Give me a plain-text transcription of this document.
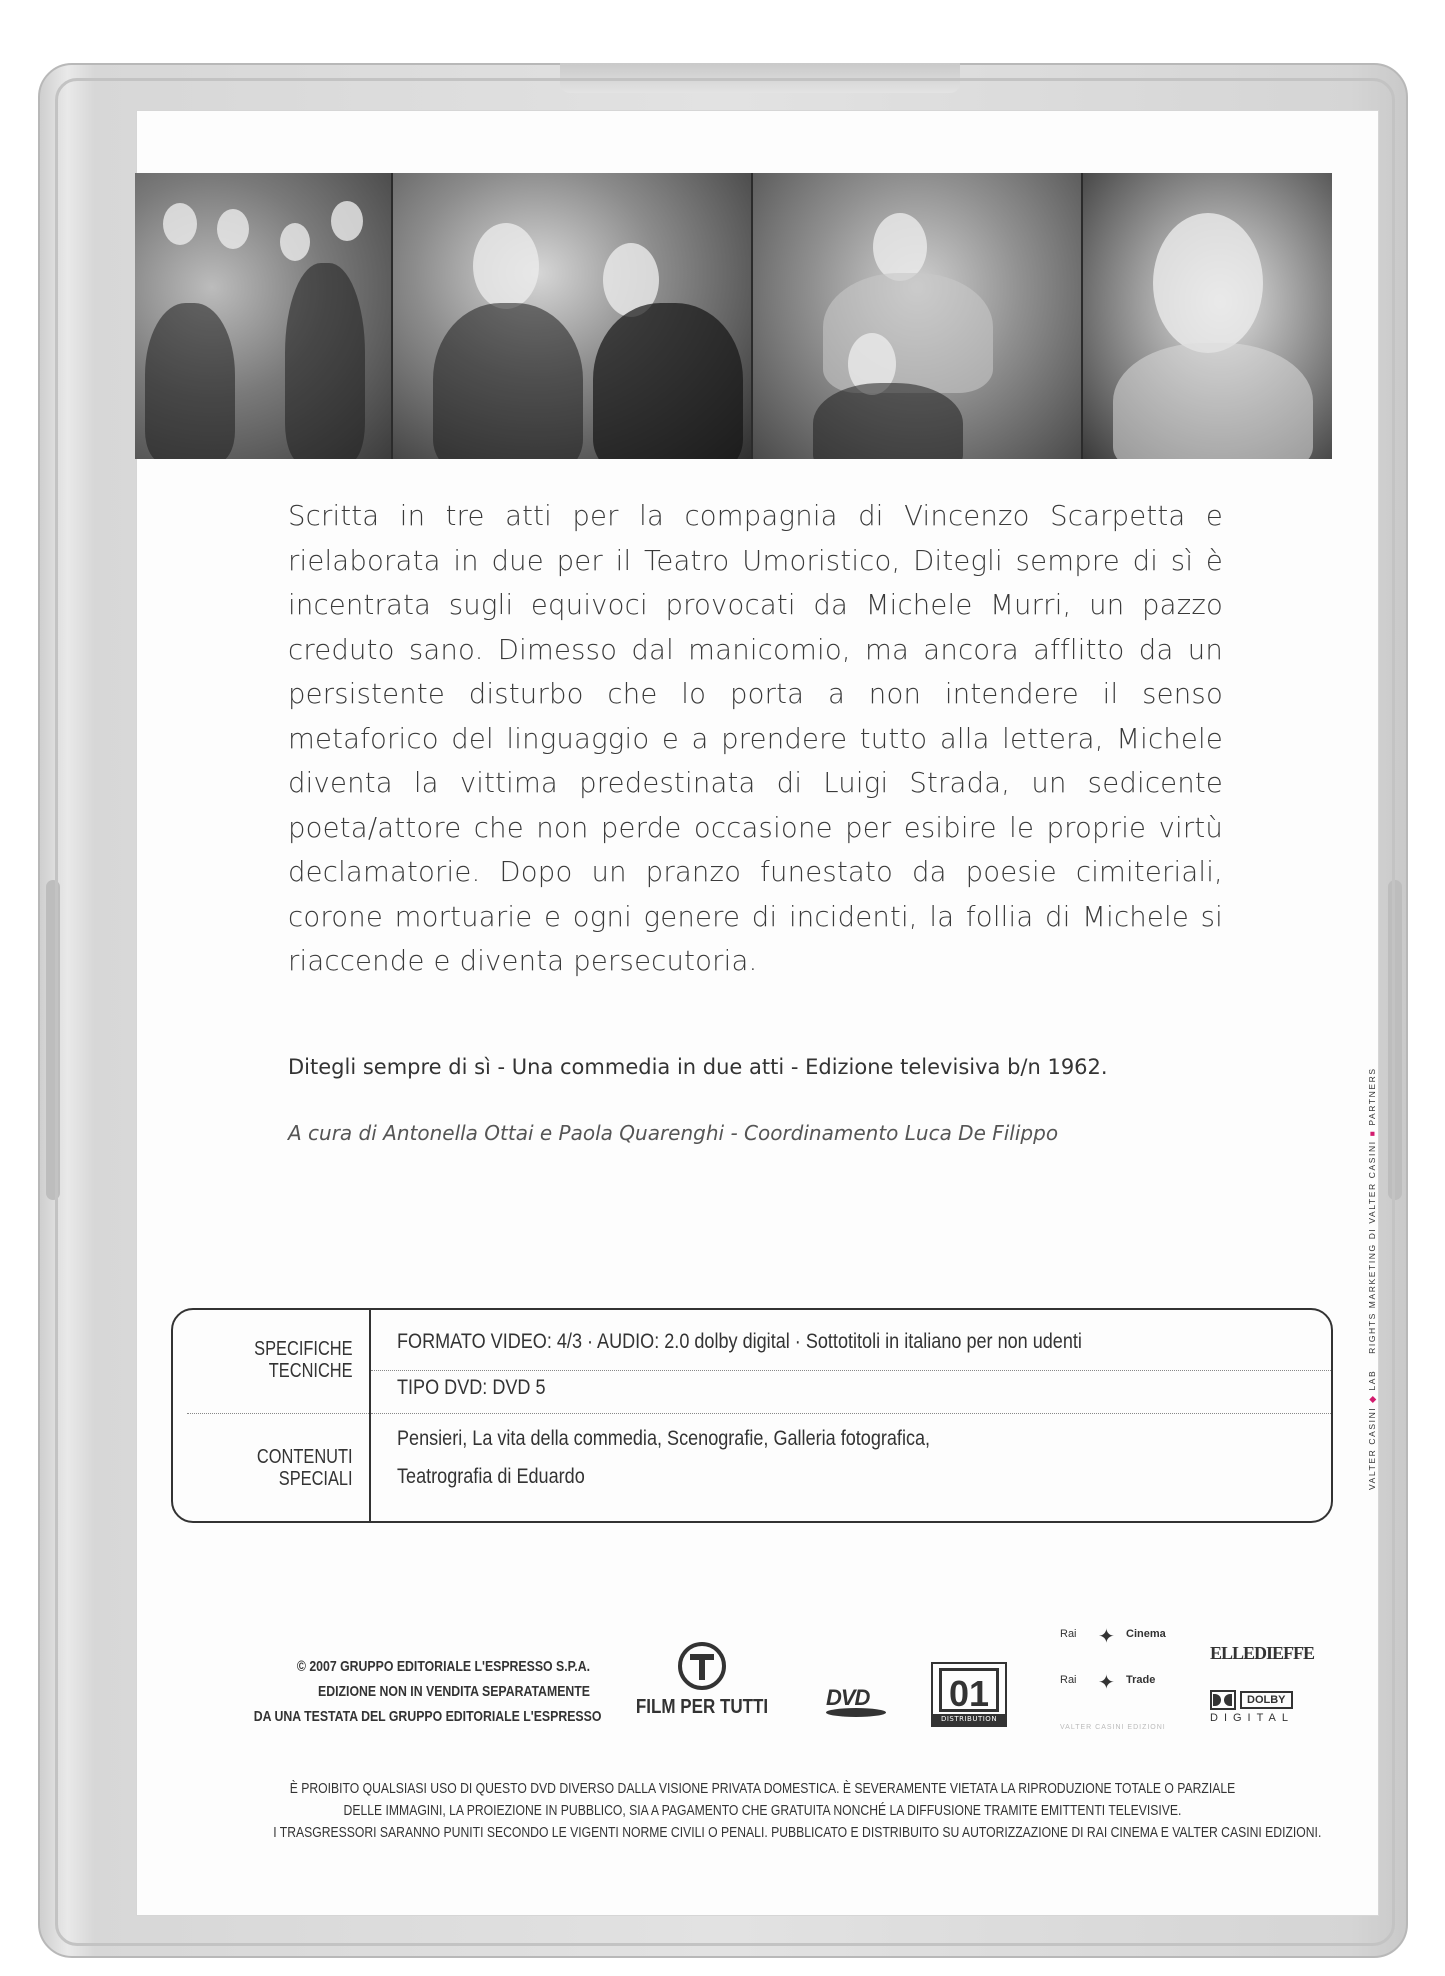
Scritta in tre atti per la compagnia di Vincenzo Scarpetta e rielaborata in due per il Teatro Umoristico, Ditegli sempre di sì è incentrata sugli equivoci provocati da Michele Murri, un pazzo creduto sano. Dimesso dal manicomio, ma ancora afflitto da un persistente disturbo che lo porta a non intendere il senso metaforico del linguaggio e a prendere tutto alla lettera, Michele diventa la vittima predestinata di Luigi Strada, un sedicente poeta/attore che non perde occasione per esibire le proprie virtù declamatorie. Dopo un pranzo funestato da poesie cimiteriali, corone mortuarie e ogni genere di incidenti, la follia di Michele si riaccende e diventa persecutoria.
Ditegli sempre di sì - Una commedia in due atti - Edizione televisiva b/n 1962.
A cura di Antonella Ottai e Paola Quarenghi - Coordinamento Luca De Filippo
SPECIFICHE
TECNICHE
FORMATO VIDEO: 4/3 · AUDIO: 2.0 dolby digital · Sottotitoli in italiano per non udenti
TIPO DVD: DVD 5
CONTENUTI
SPECIALI
Pensieri, La vita della commedia, Scenografie, Galleria fotografica,
Teatrografia di Eduardo
© 2007 GRUPPO EDITORIALE L'ESPRESSO S.P.A.
EDIZIONE NON IN VENDITA SEPARATAMENTE
DA UNA TESTATA DEL GRUPPO EDITORIALE L'ESPRESSO FILM PER TUTTI	DVD	01
DISTRIBUTION
Rai ✦ Cinema
Rai ✦ Trade
VALTER CASINI EDIZIONI
ELLEDIEFFE
DOLBY
DIGITAL
È PROIBITO QUALSIASI USO DI QUESTO DVD DIVERSO DALLA VISIONE PRIVATA DOMESTICA. È SEVERAMENTE VIETATA LA RIPRODUZIONE TOTALE O PARZIALE
DELLE IMMAGINI, LA PROIEZIONE IN PUBBLICO, SIA A PAGAMENTO CHE GRATUITA NONCHÉ LA DIFFUSIONE TRAMITE EMITTENTI TELEVISIVE.
I TRASGRESSORI SARANNO PUNITI SECONDO LE VIGENTI NORME CIVILI O PENALI. PUBBLICATO E DISTRIBUITO SU AUTORIZZAZIONE DI RAI CINEMA E VALTER CASINI EDIZIONI.
VALTER CASINI ◆ LAB    RIGHTS MARKETING DI VALTER CASINI ■ PARTNERS
